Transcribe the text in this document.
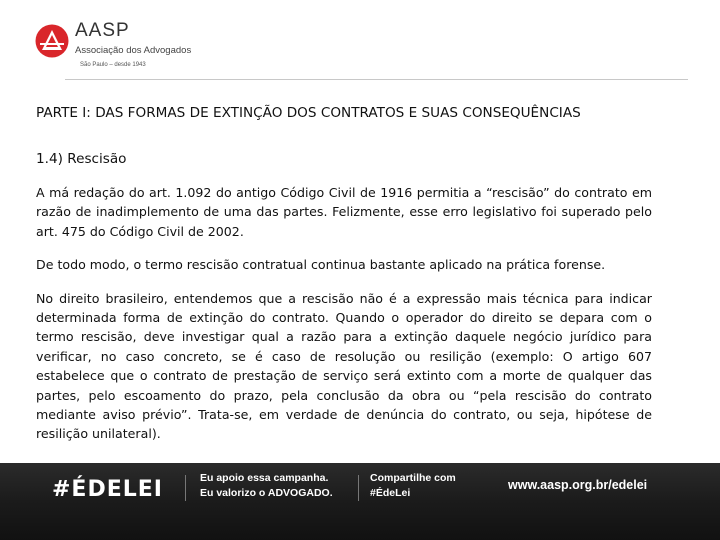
AASP
Associação dos Advogados
São Paulo – desde 1943
PARTE I: DAS FORMAS DE EXTINÇÃO DOS CONTRATOS E SUAS CONSEQUÊNCIAS
1.4) Rescisão

A má redação do art. 1.092 do antigo Código Civil de 1916 permitia a “rescisão” do contrato em razão de inadimplemento de uma das partes. Felizmente, esse erro legislativo foi superado pelo art. 475 do Código Civil de 2002.

De todo modo, o termo rescisão contratual continua bastante aplicado na prática forense.

No direito brasileiro, entendemos que a rescisão não é a expressão mais técnica para indicar determinada forma de extinção do contrato. Quando o operador do direito se depara com o termo rescisão, deve investigar qual a razão para a extinção daquele negócio jurídico para verificar, no caso concreto, se é caso de resolução ou resilição (exemplo: O artigo 607 estabelece que o contrato de prestação de serviço será extinto com a morte de qualquer das partes, pelo escoamento do prazo, pela conclusão da obra ou “pela rescisão do contrato mediante aviso prévio”. Trata-se, em verdade de denúncia do contrato, ou seja, hipótese de resilição unilateral).

#ÉDELEI	Eu apoio essa campanha.
Eu valorizo o ADVOGADO.
Compartilhe com
#ÉdeLei
www.aasp.org.br/edelei
